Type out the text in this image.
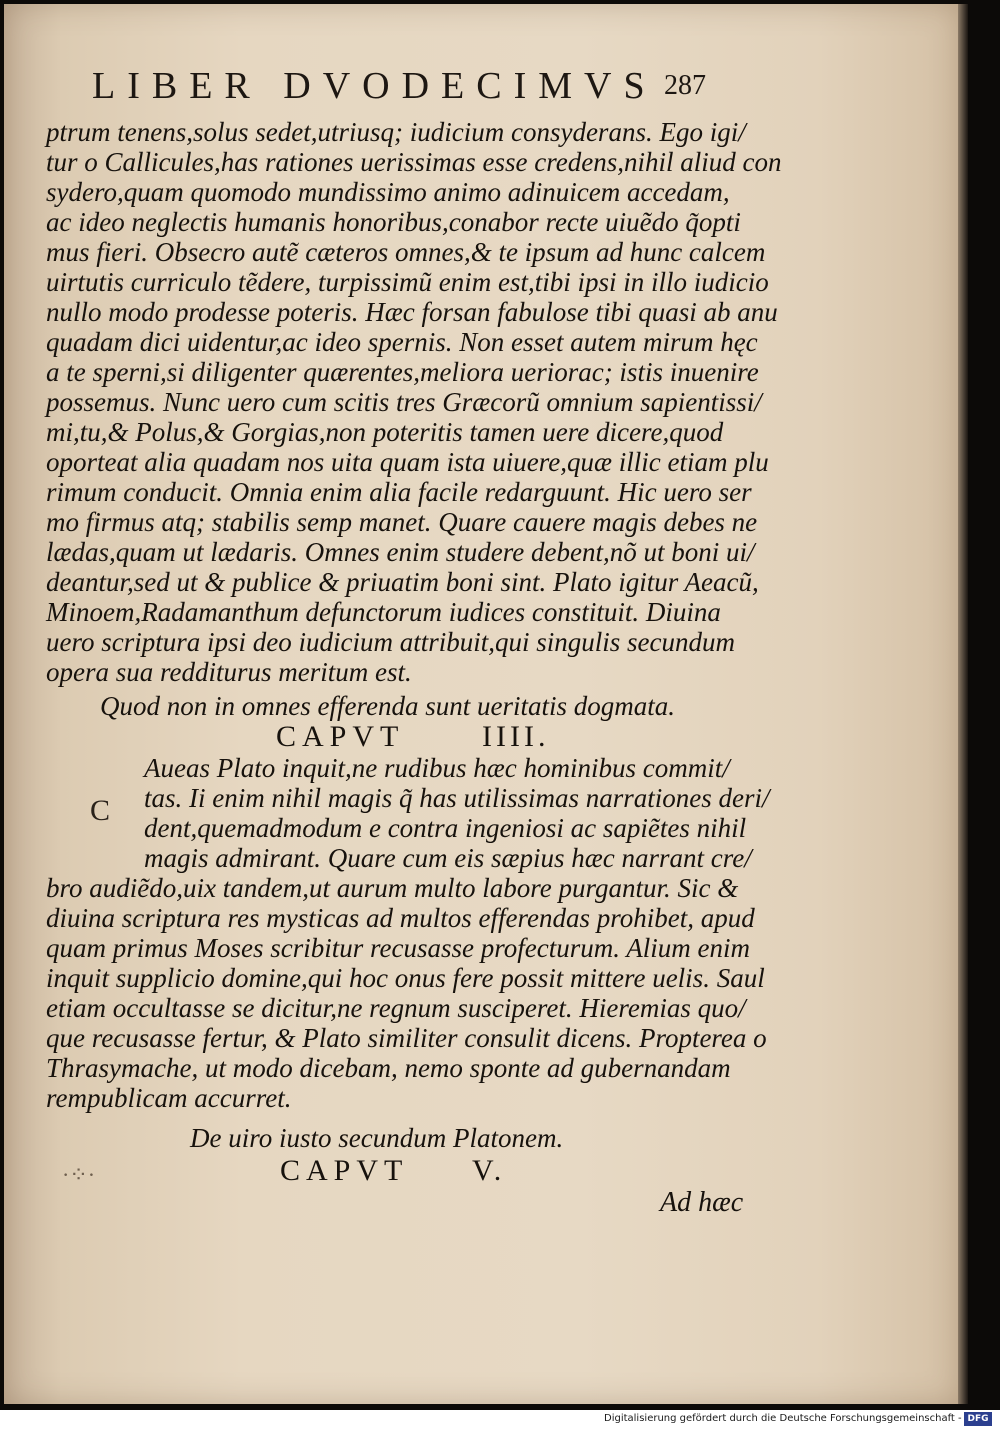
LIBER DVODECIMVS 287
ptrum tenens,solus sedet,utriusq; iudicium consyderans. Ego igi/
tur o Callicules,has rationes uerissimas esse credens,nihil aliud con
sydero,quam quomodo mundissimo animo adinuicem accedam,
ac ideo neglectis humanis honoribus,conabor recte uiuẽdo q̃opti
mus fieri. Obsecro autẽ cæteros omnes,& te ipsum ad hunc calcem
uirtutis curriculo tẽdere, turpissimũ enim est,tibi ipsi in illo iudicio
nullo modo prodesse poteris. Hæc forsan fabulose tibi quasi ab anu
quadam dici uidentur,ac ideo spernis. Non esset autem mirum hęc
a te sperni,si diligenter quærentes,meliora ueriorac; istis inuenire
possemus. Nunc uero cum scitis tres Græcorũ omnium sapientissi/
mi,tu,& Polus,& Gorgias,non poteritis tamen uere dicere,quod
oporteat alia quadam nos uita quam ista uiuere,quæ illic etiam plu
rimum conducit. Omnia enim alia facile redarguunt. Hic uero ser
mo firmus atq; stabilis semp manet. Quare cauere magis debes ne
lædas,quam ut lædaris. Omnes enim studere debent,nõ ut boni ui/
deantur,sed ut & publice & priuatim boni sint. Plato igitur Aeacũ,
Minoem,Radamanthum defunctorum iudices constituit. Diuina
uero scriptura ipsi deo iudicium attribuit,qui singulis secundum
opera sua redditurus meritum est.
Quod non in omnes efferenda sunt ueritatis dogmata.
CAPVT	IIII.
C
Aueas Plato inquit,ne rudibus hæc hominibus commit/
tas. Ii enim nihil magis q̃ has utilissimas narrationes deri/
dent,quemadmodum e contra ingeniosi ac sapiẽtes nihil
magis admirant. Quare cum eis sæpius hæc narrant cre/
bro audiẽdo,uix tandem,ut aurum multo labore purgantur. Sic &
diuina scriptura res mysticas ad multos efferendas prohibet, apud
quam primus Moses scribitur recusasse profecturum. Alium enim
inquit supplicio domine,qui hoc onus fere possit mittere uelis. Saul
etiam occultasse se dicitur,ne regnum susciperet. Hieremias quo/
que recusasse fertur, & Plato similiter consulit dicens. Propterea o
Thrasymache, ut modo dicebam, nemo sponte ad gubernandam
rempublicam accurret.
De uiro iusto secundum Platonem.
·⁘·	CAPVT V.
Ad hæc
Digitalisierung gefördert durch die Deutsche Forschungsgemeinschaft - DFG
